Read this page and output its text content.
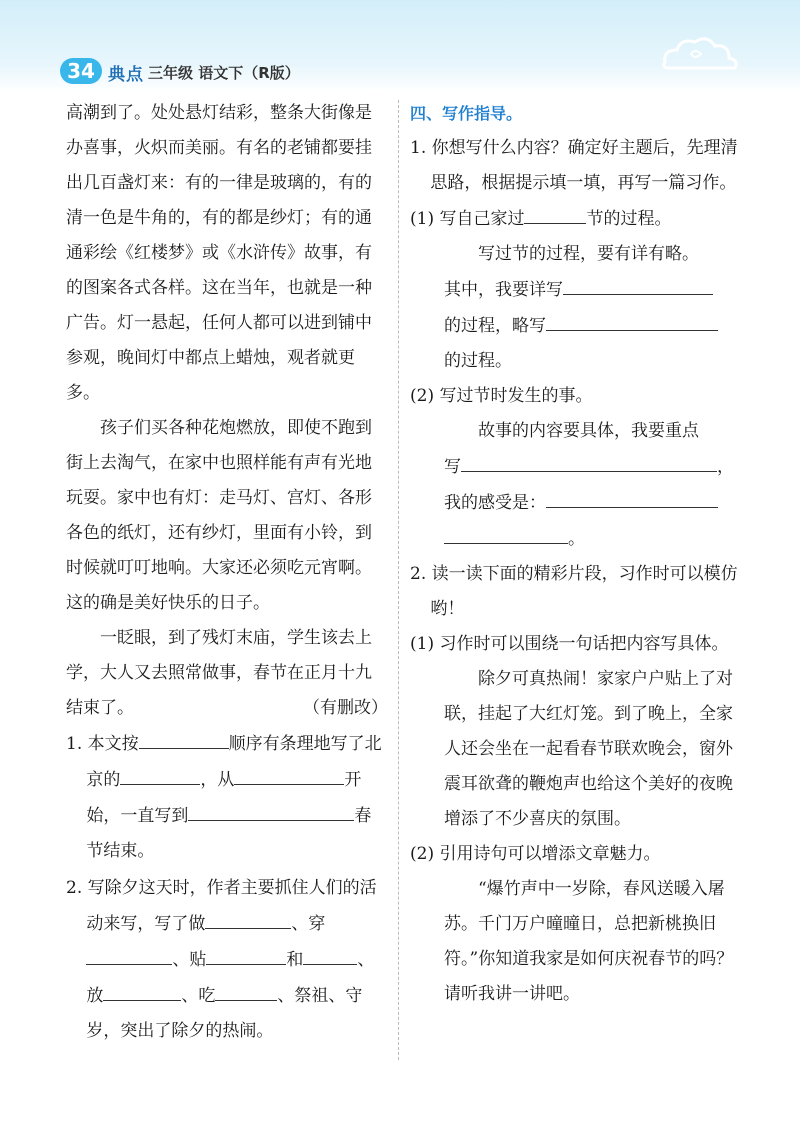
34 典点 三年级 语文下（R版）

高潮到了。处处悬灯结彩，整条大街像是办喜事，火炽而美丽。有名的老铺都要挂出几百盏灯来：有的一律是玻璃的，有的清一色是牛角的，有的都是纱灯；有的通通彩绘《红楼梦》或《水浒传》故事，有的图案各式各样。这在当年，也就是一种广告。灯一悬起，任何人都可以进到铺中参观，晚间灯中都点上蜡烛，观者就更多。

孩子们买各种花炮燃放，即使不跑到街上去淘气，在家中也照样能有声有光地玩耍。家中也有灯：走马灯、宫灯、各形各色的纸灯，还有纱灯，里面有小铃，到时候就叮叮地响。大家还必须吃元宵啊。这的确是美好快乐的日子。

一眨眼，到了残灯末庙，学生该去上学，大人又去照常做事，春节在正月十九结束了。	（有删改）

1. 本文按	顺序有条理地写了北京的	，从	开始，一直写到	春节结束。
2. 写除夕这天时，作者主要抓住人们的活动来写，写了做	、穿、贴	和	、放	、吃	、祭祖、守岁，突出了除夕的热闹。

四、写作指导。

1. 你想写什么内容？确定好主题后，先理清思路，根据提示填一填，再写一篇习作。

(1) 写自己家过	节的过程。

写过节的过程，要有详有略。

其中，我要详写

的过程，略写

的过程。

(2) 写过节时发生的事。

故事的内容要具体，我要重点

写	，

我的感受是：

。

2. 读一读下面的精彩片段，习作时可以模仿哟！

(1) 习作时可以围绕一句话把内容写具体。

除夕可真热闹！家家户户贴上了对联，挂起了大红灯笼。到了晚上，全家人还会坐在一起看春节联欢晚会，窗外震耳欲聋的鞭炮声也给这个美好的夜晚增添了不少喜庆的氛围。

(2) 引用诗句可以增添文章魅力。

“爆竹声中一岁除，春风送暖入屠苏。千门万户曈曈日，总把新桃换旧符。”你知道我家是如何庆祝春节的吗？请听我讲一讲吧。
